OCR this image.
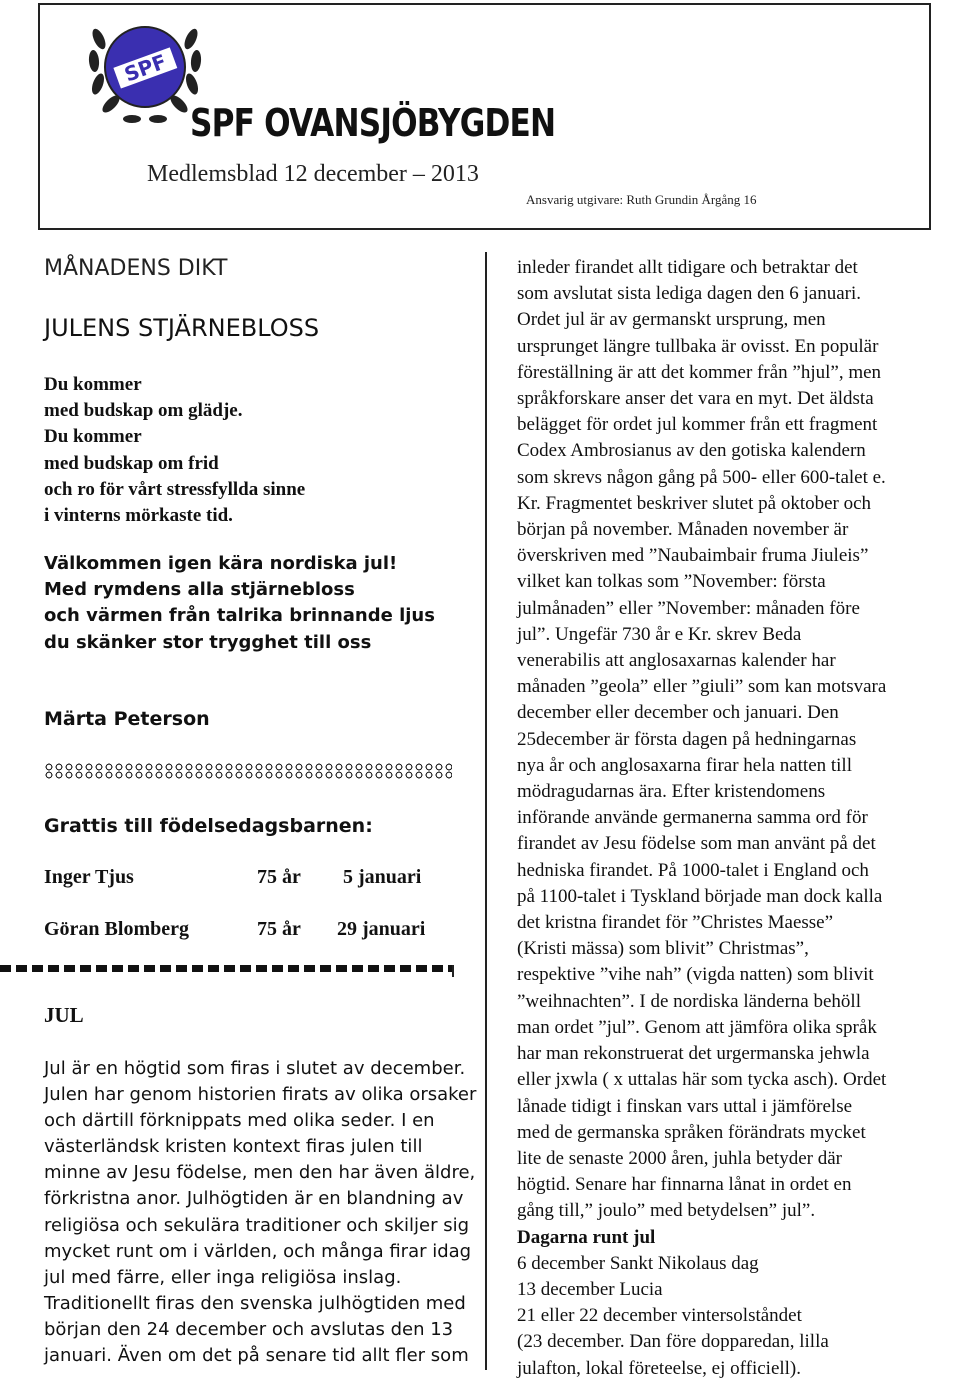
SPF
SPF OVANSJÖBYGDEN
Medlemsblad 12 december – 2013
Ansvarig utgivare: Ruth Grundin Årgång 16
MÅNADENS DIKT
JULENS STJÄRNEBLOSS
Du kommer
med budskap om glädje.
Du kommer
med budskap om frid
och ro för vårt stressfyllda sinne
i vinterns mörkaste tid.
Välkommen igen kära nordiska jul!
Med rymdens alla stjärnebloss
och värmen från talrika brinnande ljus
du skänker stor trygghet till oss
Märta Peterson
Grattis till födelsedagsbarnen:
Inger Tjus	75 år 5 januari
Göran Blomberg	75 år 29 januari
JUL
Jul är en högtid som firas i slutet av december.
Julen har genom historien firats av olika orsaker
och därtill förknippats med olika seder. I en
västerländsk kristen kontext firas julen till
minne av Jesu födelse, men den har även äldre,
förkristna anor. Julhögtiden är en blandning av
religiösa och sekulära traditioner och skiljer sig
mycket runt om i världen, och många firar idag
jul med färre, eller inga religiösa inslag.
Traditionellt firas den svenska julhögtiden med
början den 24 december och avslutas den 13
januari. Även om det på senare tid allt fler som
inleder firandet allt tidigare och betraktar det
som avslutat sista lediga dagen den 6 januari.
Ordet jul är av germanskt ursprung, men
ursprunget längre tullbaka är ovisst. En populär
föreställning är att det kommer från ”hjul”, men
språkforskare anser det vara en myt. Det äldsta
belägget för ordet jul kommer från ett fragment
Codex Ambrosianus av den gotiska kalendern
som skrevs någon gång på 500- eller 600-talet e.
Kr. Fragmentet beskriver slutet på oktober och
början på november. Månaden november är
överskriven med ”Naubaimbair fruma Jiuleis”
vilket kan tolkas som ”November: första
julmånaden” eller ”November: månaden före
jul”. Ungefär 730 år e Kr. skrev Beda
venerabilis att anglosaxarnas kalender har
månaden ”geola” eller ”giuli” som kan motsvara
december eller december och januari. Den
25december är första dagen på hedningarnas
nya år och anglosaxarna firar hela natten till
mödragudarnas ära. Efter kristendomens
införande använde germanerna samma ord för
firandet av Jesu födelse som man använt på det
hedniska firandet. På 1000-talet i England och
på 1100-talet i Tyskland började man dock kalla
det kristna firandet för ”Christes Maesse”
(Kristi mässa) som blivit” Christmas”,
respektive ”vihe nah” (vigda natten) som blivit
”weihnachten”. I de nordiska länderna behöll
man ordet ”jul”. Genom att jämföra olika språk
har man rekonstruerat det urgermanska jehwla
eller jxwla ( x uttalas här som tycka asch). Ordet
lånade tidigt i finskan vars uttal i jämförelse
med de germanska språken förändrats mycket
lite de senaste 2000 åren, juhla betyder där
högtid. Senare har finnarna lånat in ordet en
gång till,” joulo” med betydelsen” jul”.
Dagarna runt jul
6 december Sankt Nikolaus dag
13 december Lucia
21 eller 22 december vintersolståndet
(23 december. Dan före dopparedan, lilla
julafton, lokal företeelse, ej officiell).
